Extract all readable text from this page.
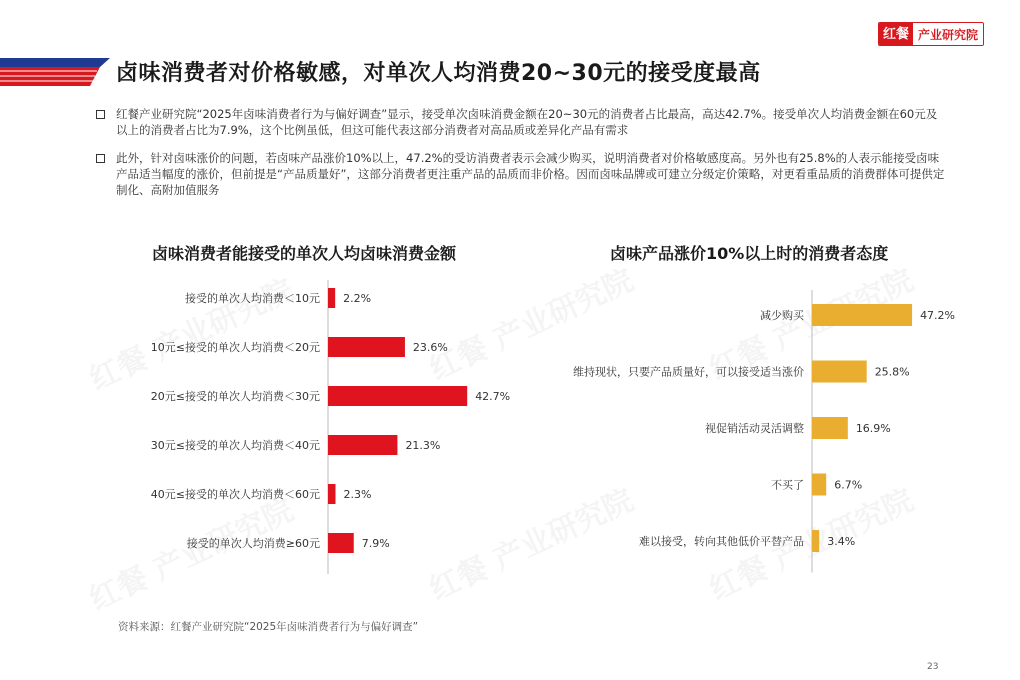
卤味消费者对价格敏感，对单次人均消费20~30元的接受度最高
红餐 产业研究院
红餐产业研究院“2025年卤味消费者行为与偏好调查”显示，接受单次卤味消费金额在20~30元的消费者占比最高，高达42.7%。接受单次人均消费金额在60元及以上的消费者占比为7.9%，这个比例虽低，但这可能代表这部分消费者对高品质或差异化产品有需求
此外，针对卤味涨价的问题，若卤味产品涨价10%以上，47.2%的受访消费者表示会减少购买，说明消费者对价格敏感度高。另外也有25.8%的人表示能接受卤味产品适当幅度的涨价，但前提是“产品质量好”，这部分消费者更注重产品的品质而非价格。因而卤味品牌或可建立分级定价策略，对更看重品质的消费群体可提供定制化、高附加值服务
卤味消费者能接受的单次人均卤味消费金额	卤味产品涨价10%以上时的消费者态度
接受的单次人均消费＜10元 2.2%
10元≤接受的单次人均消费＜20元	23.6%
20元≤接受的单次人均消费＜30元	42.7%
30元≤接受的单次人均消费＜40元	21.3%
40元≤接受的单次人均消费＜60元 2.3%
接受的单次人均消费≥60元	7.9%
减少购买	47.2%
维持现状，只要产品质量好，可以接受适当涨价	25.8%
视促销活动灵活调整	16.9%
不买了	6.7%
难以接受，转向其他低价平替产品 3.4%
资料来源：红餐产业研究院“2025年卤味消费者行为与偏好调查”
23
